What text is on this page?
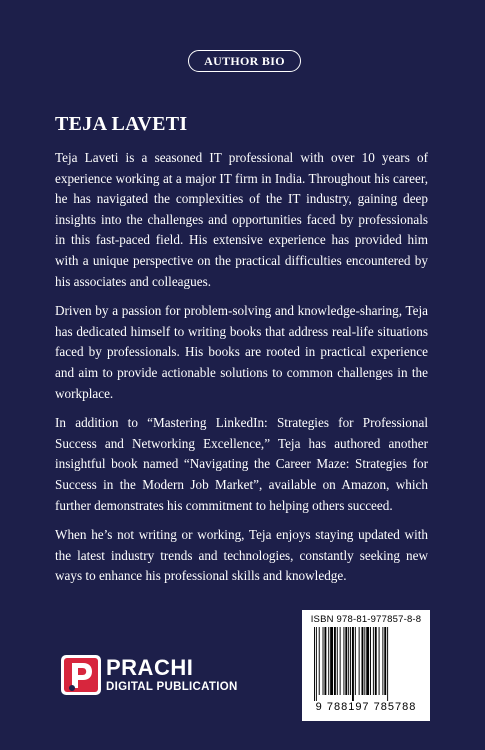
AUTHOR BIO
TEJA LAVETI

Teja Laveti is a seasoned IT professional with over 10 years of experience working at a major IT firm in India. Throughout his career, he has navigated the complexities of the IT industry, gaining deep insights into the challenges and opportunities faced by professionals in this fast-paced field. His extensive experience has provided him with a unique perspective on the practical difficulties encountered by his associates and colleagues.

Driven by a passion for problem-solving and knowledge-sharing, Teja has dedicated himself to writing books that address real-life situations faced by professionals. His books are rooted in practical experience and aim to provide actionable solutions to common challenges in the workplace.

In addition to “Mastering LinkedIn: Strategies for Professional Success and Networking Excellence,” Teja has authored another insightful book named “Navigating the Career Maze: Strategies for Success in the Modern Job Market”, available on Amazon, which further demonstrates his commitment to helping others succeed.

When he’s not writing or working, Teja enjoys staying updated with the latest industry trends and technologies, constantly seeking new ways to enhance his professional skills and knowledge.

PRACHI
DIGITAL PUBLICATION
ISBN 978-81-977857-8-8
9 788197 785788
